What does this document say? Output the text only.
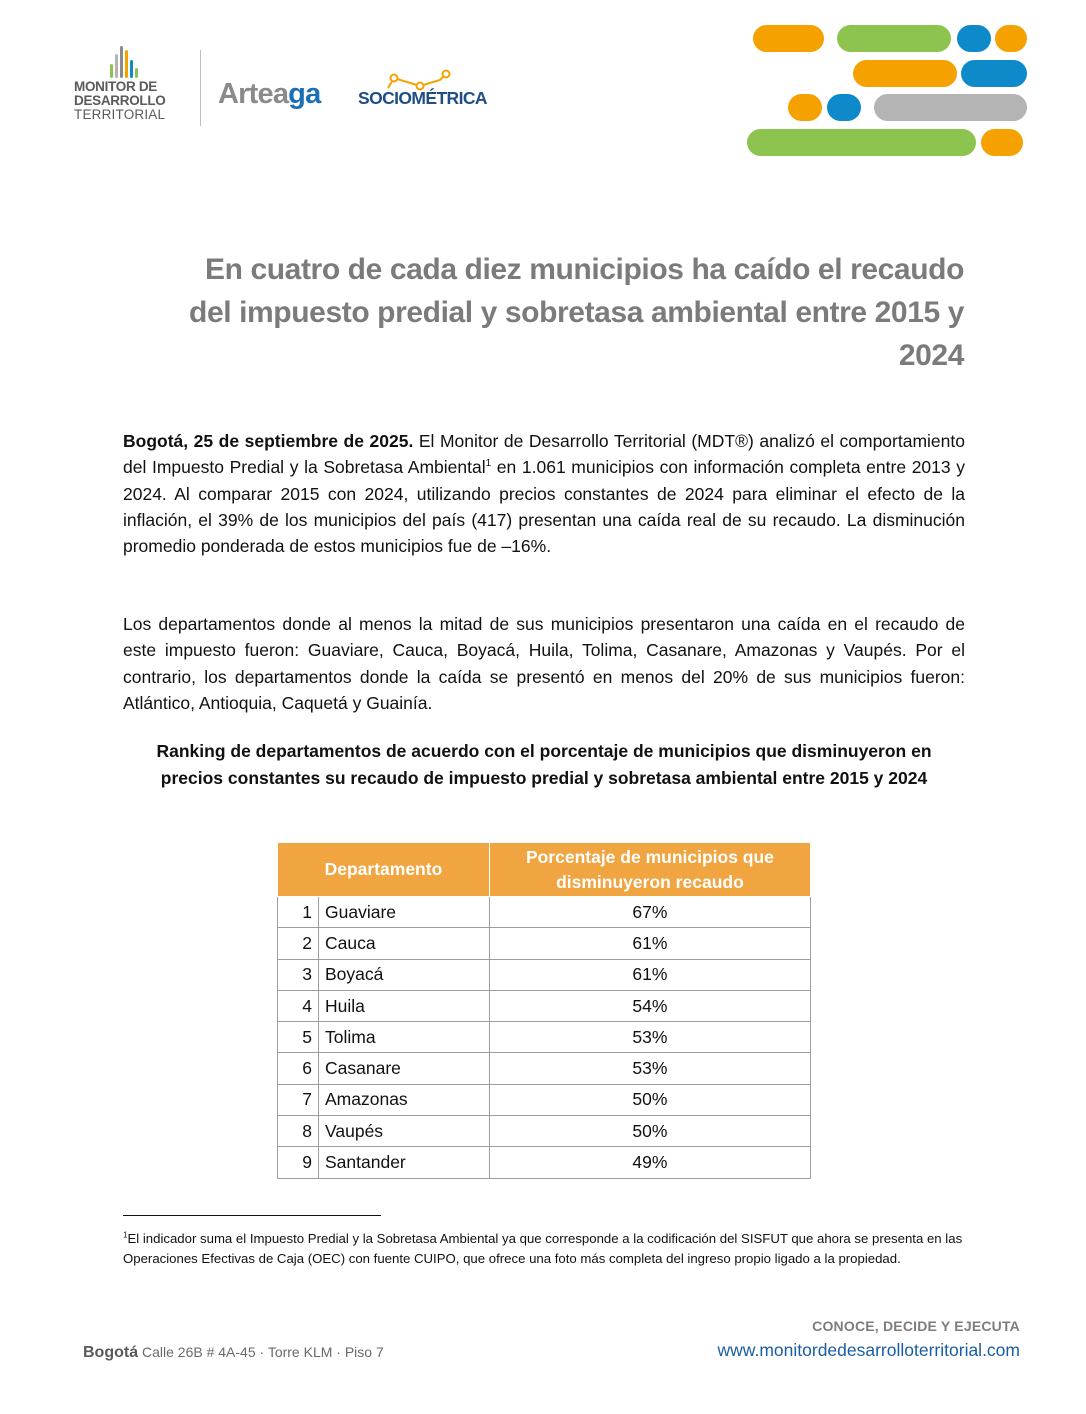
MONITOR DE
DESARROLLO
TERRITORIAL
Arteaga SOCIOMÉTRICA
En cuatro de cada diez municipios ha caído el recaudo del impuesto predial y sobretasa ambiental entre 2015 y 2024

Bogotá, 25 de septiembre de 2025. El Monitor de Desarrollo Territorial (MDT®) analizó el comportamiento del Impuesto Predial y la Sobretasa Ambiental$^1$ en 1.061 municipios con información completa entre 2013 y 2024. Al comparar 2015 con 2024, utilizando precios constantes de 2024 para eliminar el efecto de la inflación, el 39% de los municipios del país (417) presentan una caída real de su recaudo. La disminución promedio ponderada de estos municipios fue de –16%.

Los departamentos donde al menos la mitad de sus municipios presentaron una caída en el recaudo de este impuesto fueron: Guaviare, Cauca, Boyacá, Huila, Tolima, Casanare, Amazonas y Vaupés. Por el contrario, los departamentos donde la caída se presentó en menos del 20% de sus municipios fueron: Atlántico, Antioquia, Caquetá y Guainía.

Ranking de departamentos de acuerdo con el porcentaje de municipios que disminuyeron en precios constantes su recaudo de impuesto predial y sobretasa ambiental entre 2015 y 2024

Departamento		Porcentaje de municipios que disminuyeron recaudo
1	Guaviare	67%
2	Cauca	61%
3	Boyacá	61%
4	Huila	54%
5	Tolima	53%
6	Casanare	53%
7	Amazonas	50%
8	Vaupés	50%
9	Santander	49%

$^1$El indicador suma el Impuesto Predial y la Sobretasa Ambiental ya que corresponde a la codificación del SISFUT que ahora se presenta en las Operaciones Efectivas de Caja (OEC) con fuente CUIPO, que ofrece una foto más completa del ingreso propio ligado a la propiedad.

Bogotá Calle 26B # 4A-45 · Torre KLM · Piso 7
CONOCE, DECIDE Y EJECUTA
www.monitordedesarrolloterritorial.com
